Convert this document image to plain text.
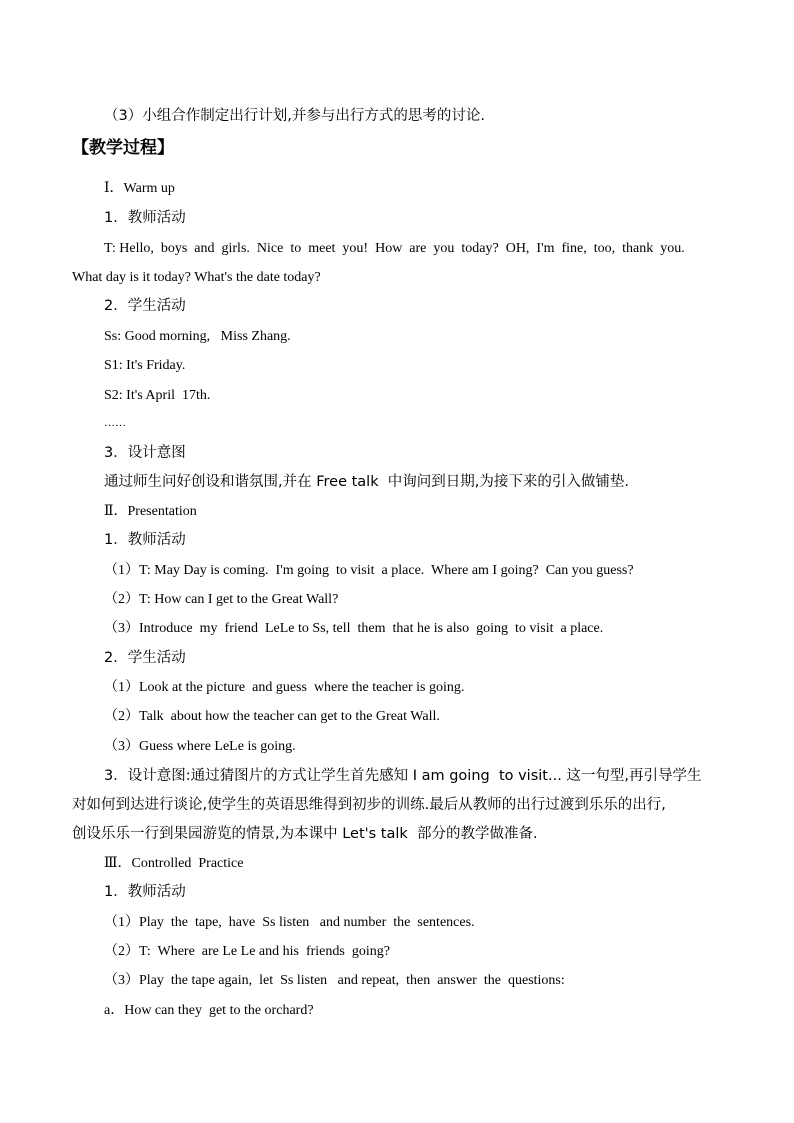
（3）小组合作制定出行计划,并参与出行方式的思考的讨论.
【教学过程】
Ⅰ．Warm up
1．教师活动
T: Hello,  boys  and  girls.  Nice  to  meet  you!  How  are  you  today?  OH,  I'm  fine,  too,  thank  you.
What day is it today? What's the date today?
2．学生活动
Ss: Good morning,   Miss Zhang.
S1: It's Friday.
S2: It's April  17th.
……
3．设计意图
通过师生问好创设和谐氛围,并在 Free talk  中询问到日期,为接下来的引入做铺垫.
Ⅱ．Presentation
1．教师活动
（1）T: May Day is coming.  I'm going  to visit  a place.  Where am I going?  Can you guess?
（2）T: How can I get to the Great Wall?
（3）Introduce  my  friend  LeLe to Ss, tell  them  that he is also  going  to visit  a place.
2．学生活动
（1）Look at the picture  and guess  where the teacher is going.
（2）Talk  about how the teacher can get to the Great Wall.
（3）Guess where LeLe is going.
3．设计意图:通过猜图片的方式让学生首先感知 I am going  to visit... 这一句型,再引导学生
对如何到达进行谈论,使学生的英语思维得到初步的训练.最后从教师的出行过渡到乐乐的出行,
创设乐乐一行到果园游览的情景,为本课中 Let's talk  部分的教学做准备.
Ⅲ．Controlled  Practice
1．教师活动
（1）Play  the  tape,  have  Ss listen   and number  the  sentences.
（2）T:  Where  are Le Le and his  friends  going?
（3）Play  the tape again,  let  Ss listen   and repeat,  then  answer  the  questions:
a．How can they  get to the orchard?
